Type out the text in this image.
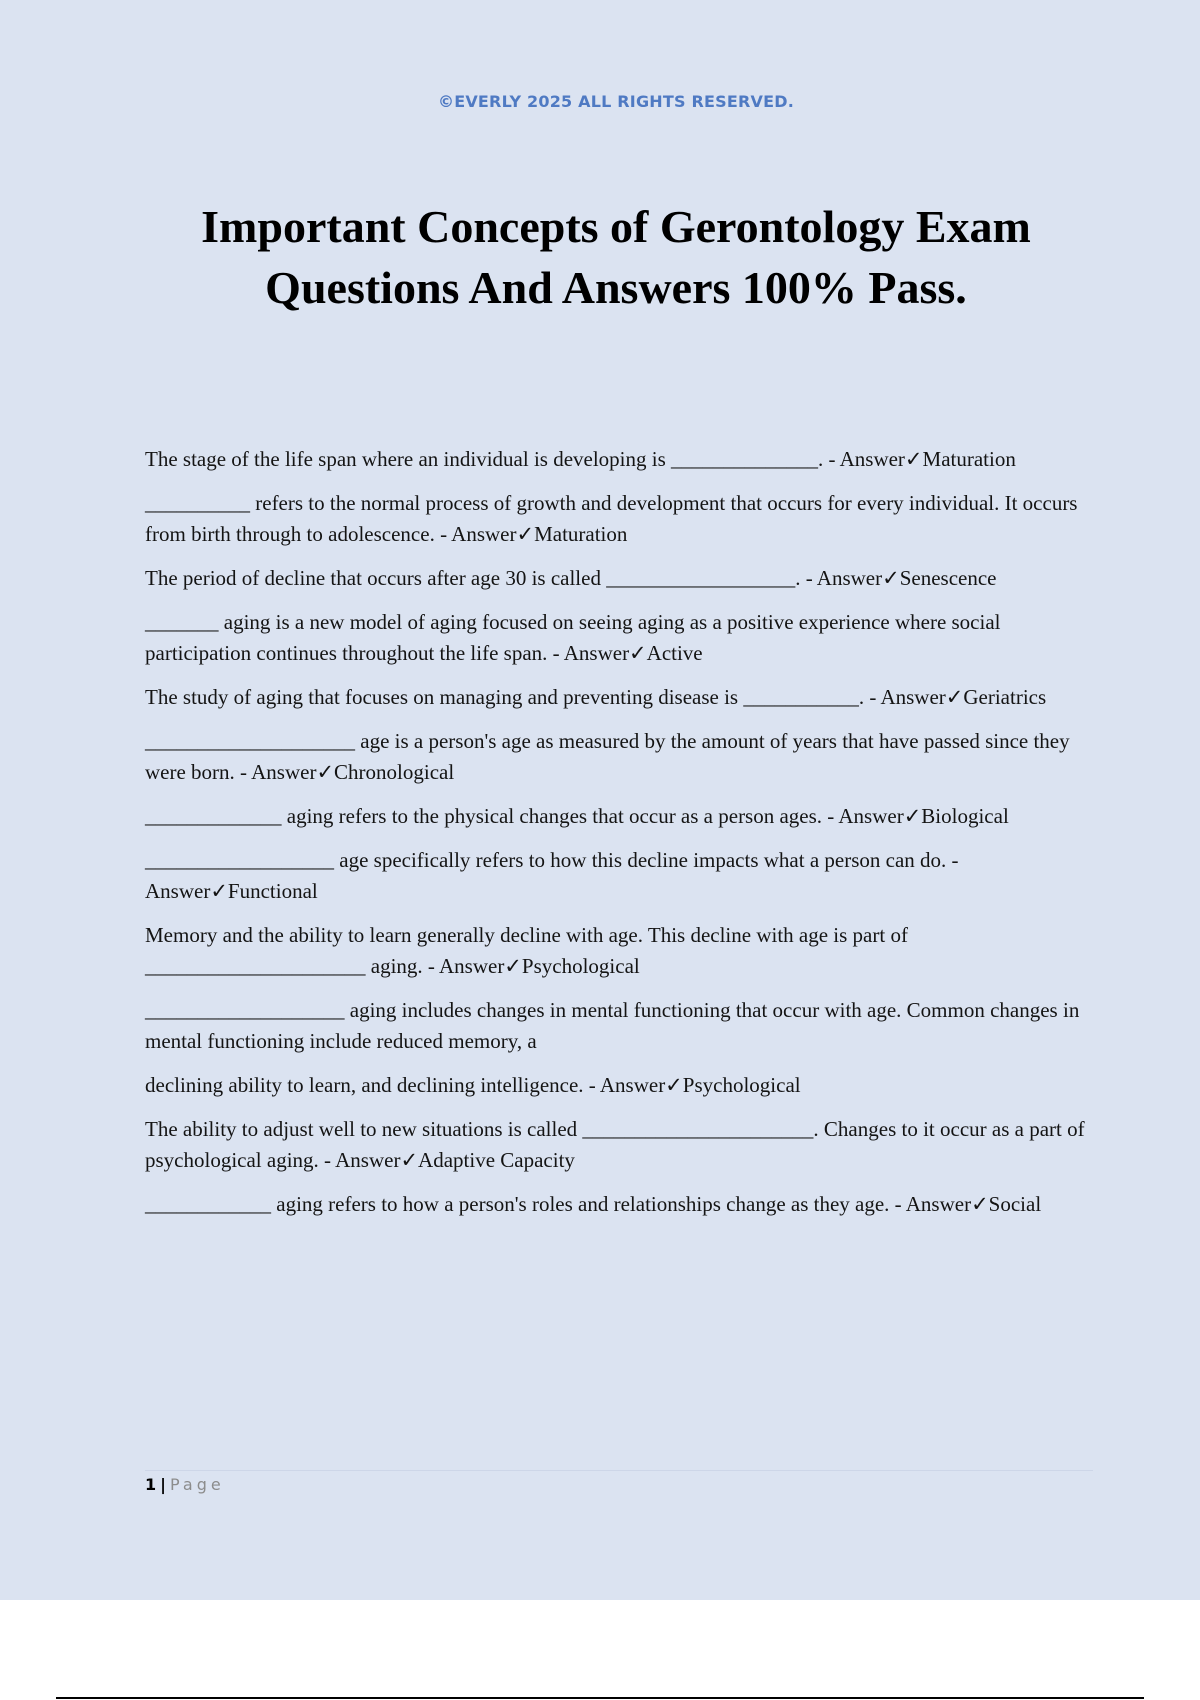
©EVERLY 2025 ALL RIGHTS RESERVED.
Important Concepts of Gerontology Exam
Questions And Answers 100% Pass.

The stage of the life span where an individual is developing is ______________. - Answer✓Maturation

__________ refers to the normal process of growth and development that occurs for every individual. It occurs from birth through to adolescence. - Answer✓Maturation

The period of decline that occurs after age 30 is called __________________. - Answer✓Senescence

_______ aging is a new model of aging focused on seeing aging as a positive experience where social participation continues throughout the life span. - Answer✓Active

The study of aging that focuses on managing and preventing disease is ___________. - Answer✓Geriatrics

____________________ age is a person's age as measured by the amount of years that have passed since they were born. - Answer✓Chronological

_____________ aging refers to the physical changes that occur as a person ages. - Answer✓Biological

__________________ age specifically refers to how this decline impacts what a person can do. - Answer✓Functional

Memory and the ability to learn generally decline with age. This decline with age is part of _____________________ aging. - Answer✓Psychological

___________________ aging includes changes in mental functioning that occur with age. Common changes in mental functioning include reduced memory, a

declining ability to learn, and declining intelligence. - Answer✓Psychological

The ability to adjust well to new situations is called ______________________. Changes to it occur as a part of psychological aging. - Answer✓Adaptive Capacity

____________ aging refers to how a person's roles and relationships change as they age. - Answer✓Social

1 | Page
